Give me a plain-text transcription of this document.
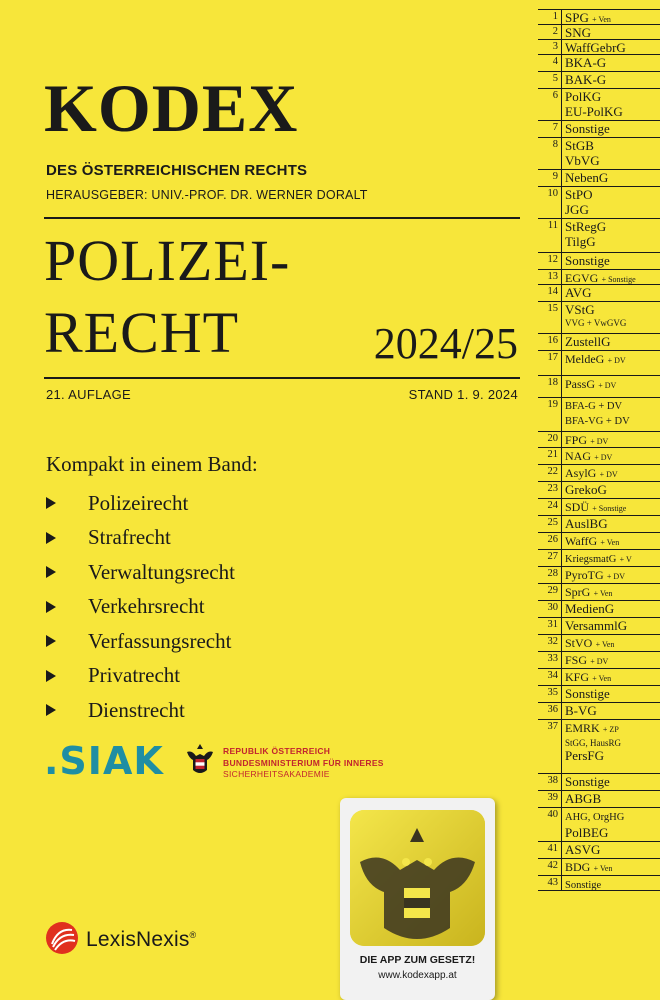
KODEX
DES ÖSTERREICHISCHEN RECHTS
HERAUSGEBER: UNIV.-PROF. DR. WERNER DORALT
POLIZEI-
RECHT	2024/25
21. AUFLAGE	STAND 1. 9. 2024
Kompakt in einem Band:
Polizeirecht
Strafrecht
Verwaltungsrecht
Verkehrsrecht
Verfassungsrecht
Privatrecht
Dienstrecht
.SIAK	REPUBLIK ÖSTERREICH
BUNDESMINISTERIUM FÜR INNERES
SICHERHEITSAKADEMIE
LexisNexis®
DIE APP ZUM GESETZ!
www.kodexapp.at
1 SPG + Ven
2 SNG
3 WaffGebrG
4 BKA-G
5 BAK-G
6 PolKG
EU-PolKG
7 Sonstige
8 StGB
VbVG
9 NebenG
10 StPO
JGG
11 StRegG
TilgG
12 Sonstige
13 EGVG + Sonstige
14 AVG
15 VStG
VVG + VwGVG
16 ZustellG
17 MeldeG + DV
18 PassG + DV
19 BFA-G + DV
BFA-VG + DV
20 FPG + DV
21 NAG + DV
22 AsylG + DV
23 GrekoG
24 SDÜ + Sonstige
25 AuslBG
26 WaffG + Ven
27 KriegsmatG + V
28 PyroTG + DV
29 SprG + Ven
30 MedienG
31 VersammlG
32 StVO + Ven
33 FSG + DV
34 KFG + Ven
35 Sonstige
36 B-VG
37 EMRK + ZP
StGG, HausRG
PersFG
38 Sonstige
39 ABGB
40 AHG, OrgHG
PolBEG
41 ASVG
42 BDG + Ven
43 Sonstige
